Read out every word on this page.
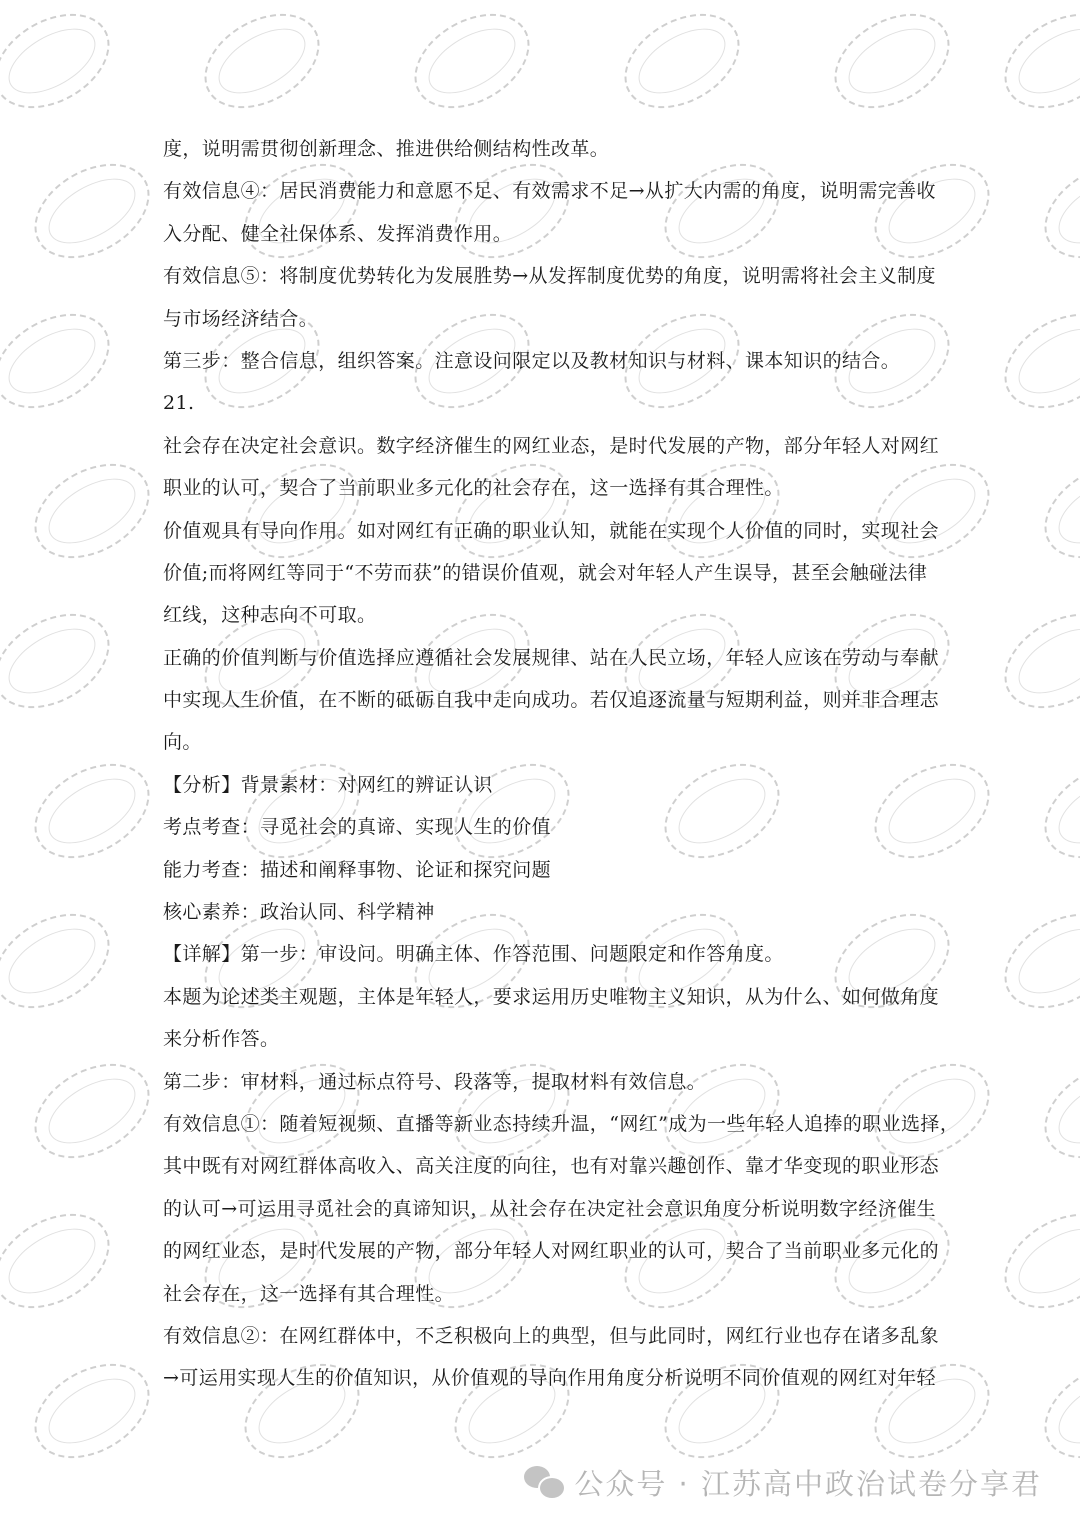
度，说明需贯彻创新理念、推进供给侧结构性改革。
有效信息④：居民消费能力和意愿不足、有效需求不足→从扩大内需的角度，说明需完善收
入分配、健全社保体系、发挥消费作用。
有效信息⑤：将制度优势转化为发展胜势→从发挥制度优势的角度，说明需将社会主义制度
与市场经济结合。
第三步：整合信息，组织答案。注意设问限定以及教材知识与材料、课本知识的结合。
21.
社会存在决定社会意识。数字经济催生的网红业态，是时代发展的产物，部分年轻人对网红
职业的认可，契合了当前职业多元化的社会存在，这一选择有其合理性。
价值观具有导向作用。如对网红有正确的职业认知，就能在实现个人价值的同时，实现社会
价值;而将网红等同于“不劳而获”的错误价值观，就会对年轻人产生误导，甚至会触碰法律
红线，这种志向不可取。
正确的价值判断与价值选择应遵循社会发展规律、站在人民立场，年轻人应该在劳动与奉献
中实现人生价值，在不断的砥砺自我中走向成功。若仅追逐流量与短期利益，则并非合理志
向。
【分析】背景素材：对网红的辨证认识
考点考查：寻觅社会的真谛、实现人生的价值
能力考查：描述和阐释事物、论证和探究问题
核心素养：政治认同、科学精神
【详解】第一步：审设问。明确主体、作答范围、问题限定和作答角度。
本题为论述类主观题，主体是年轻人，要求运用历史唯物主义知识，从为什么、如何做角度
来分析作答。
第二步：审材料，通过标点符号、段落等，提取材料有效信息。
有效信息①：随着短视频、直播等新业态持续升温，“网红”成为一些年轻人追捧的职业选择，
其中既有对网红群体高收入、高关注度的向往，也有对靠兴趣创作、靠才华变现的职业形态
的认可→可运用寻觅社会的真谛知识，从社会存在决定社会意识角度分析说明数字经济催生
的网红业态，是时代发展的产物，部分年轻人对网红职业的认可，契合了当前职业多元化的
社会存在，这一选择有其合理性。
有效信息②：在网红群体中，不乏积极向上的典型，但与此同时，网红行业也存在诸多乱象
→可运用实现人生的价值知识，从价值观的导向作用角度分析说明不同价值观的网红对年轻
公众号 · 江苏高中政治试卷分享君
